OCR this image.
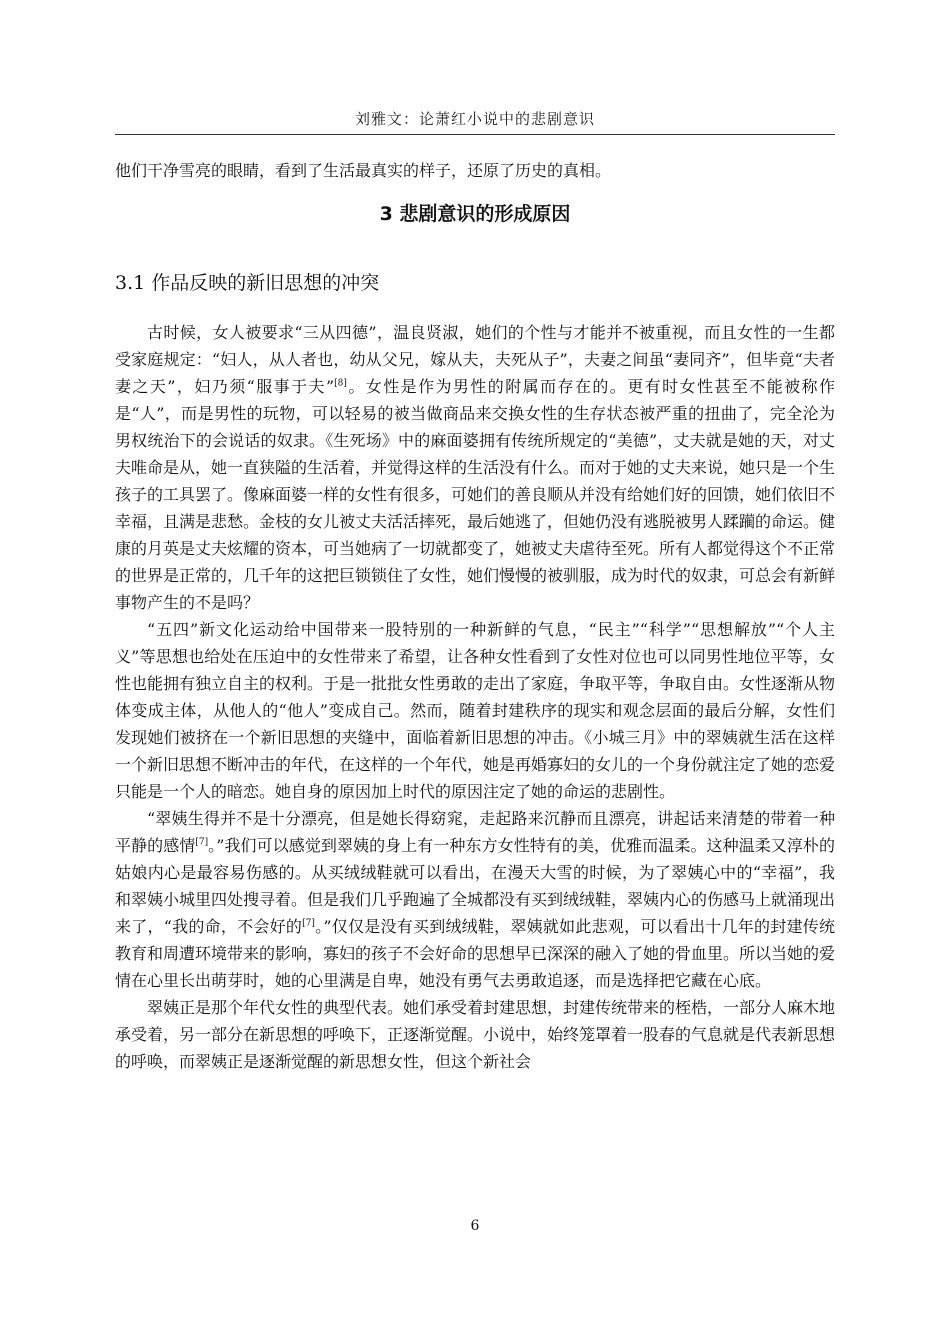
刘雅文：论萧红小说中的悲剧意识

他们干净雪亮的眼睛，看到了生活最真实的样子，还原了历史的真相。

3 悲剧意识的形成原因
3.1 作品反映的新旧思想的冲突

古时候，女人被要求“三从四德”，温良贤淑，她们的个性与才能并不被重视，而且女性的一生都受家庭规定：“妇人，从人者也，幼从父兄，嫁从夫，夫死从子”，夫妻之间虽“妻同齐”，但毕竟“夫者妻之天”，妇乃须“服事于夫”[8]。女性是作为男性的附属而存在的。更有时女性甚至不能被称作是“人”，而是男性的玩物，可以轻易的被当做商品来交换女性的生存状态被严重的扭曲了，完全沦为男权统治下的会说话的奴隶。《生死场》中的麻面婆拥有传统所规定的“美德”，丈夫就是她的天，对丈夫唯命是从，她一直狭隘的生活着，并觉得这样的生活没有什么。而对于她的丈夫来说，她只是一个生孩子的工具罢了。像麻面婆一样的女性有很多，可她们的善良顺从并没有给她们好的回馈，她们依旧不幸福，且满是悲愁。金枝的女儿被丈夫活活摔死，最后她逃了，但她仍没有逃脱被男人蹂躏的命运。健康的月英是丈夫炫耀的资本，可当她病了一切就都变了，她被丈夫虐待至死。所有人都觉得这个不正常的世界是正常的，几千年的这把巨锁锁住了女性，她们慢慢的被驯服，成为时代的奴隶，可总会有新鲜事物产生的不是吗？

“五四”新文化运动给中国带来一股特别的一种新鲜的气息，“民主”“科学”“思想解放”“个人主义”等思想也给处在压迫中的女性带来了希望，让各种女性看到了女性对位也可以同男性地位平等，女性也能拥有独立自主的权利。于是一批批女性勇敢的走出了家庭，争取平等，争取自由。女性逐渐从物体变成主体，从他人的“他人”变成自己。然而，随着封建秩序的现实和观念层面的最后分解，女性们发现她们被挤在一个新旧思想的夹缝中，面临着新旧思想的冲击。《小城三月》中的翠姨就生活在这样一个新旧思想不断冲击的年代，在这样的一个年代，她是再婚寡妇的女儿的一个身份就注定了她的恋爱只能是一个人的暗恋。她自身的原因加上时代的原因注定了她的命运的悲剧性。

“翠姨生得并不是十分漂亮，但是她长得窈窕，走起路来沉静而且漂亮，讲起话来清楚的带着一种平静的感情[7]。”我们可以感觉到翠姨的身上有一种东方女性特有的美，优雅而温柔。这种温柔又淳朴的姑娘内心是最容易伤感的。从买绒绒鞋就可以看出，在漫天大雪的时候，为了翠姨心中的“幸福”，我和翠姨小城里四处搜寻着。但是我们几乎跑遍了全城都没有买到绒绒鞋，翠姨内心的伤感马上就涌现出来了，“我的命，不会好的[7]。”仅仅是没有买到绒绒鞋，翠姨就如此悲观，可以看出十几年的封建传统教育和周遭环境带来的影响，寡妇的孩子不会好命的思想早已深深的融入了她的骨血里。所以当她的爱情在心里长出萌芽时，她的心里满是自卑，她没有勇气去勇敢追逐，而是选择把它藏在心底。

翠姨正是那个年代女性的典型代表。她们承受着封建思想，封建传统带来的桎梏，一部分人麻木地承受着，另一部分在新思想的呼唤下，正逐渐觉醒。小说中，始终笼罩着一股春的气息就是代表新思想的呼唤，而翠姨正是逐渐觉醒的新思想女性，但这个新社会

6
